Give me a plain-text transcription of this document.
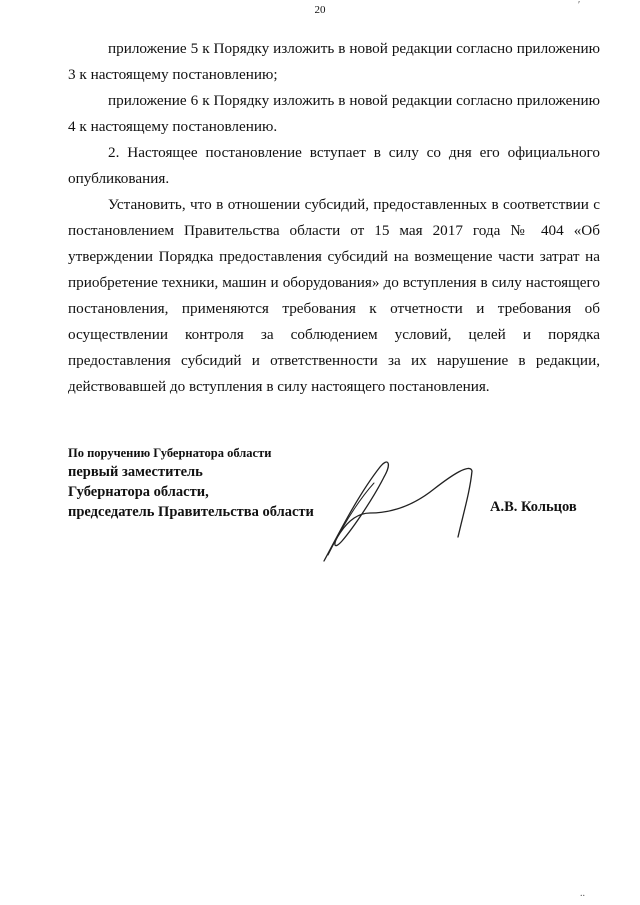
20

приложение 5 к Порядку изложить в новой редакции согласно приложению 3 к настоящему постановлению;

приложение 6 к Порядку изложить в новой редакции согласно приложению 4 к настоящему постановлению.

2. Настоящее постановление вступает в силу со дня его официального опубликования.

Установить, что в отношении субсидий, предоставленных в соответствии с постановлением Правительства области от 15 мая 2017 года № 404 «Об утверждении Порядка предоставления субсидий на возмещение части затрат на приобретение техники, машин и оборудования» до вступления в силу настоящего постановления, применяются требования к отчетности и требования об осуществлении контроля за соблюдением условий, целей и порядка предоставления субсидий и ответственности за их нарушение в редакции, действовавшей до вступления в силу настоящего постановления.

По поручению Губернатора области
первый заместитель
Губернатора области,
председатель Правительства области	А.В. Кольцов
ʹ
..
